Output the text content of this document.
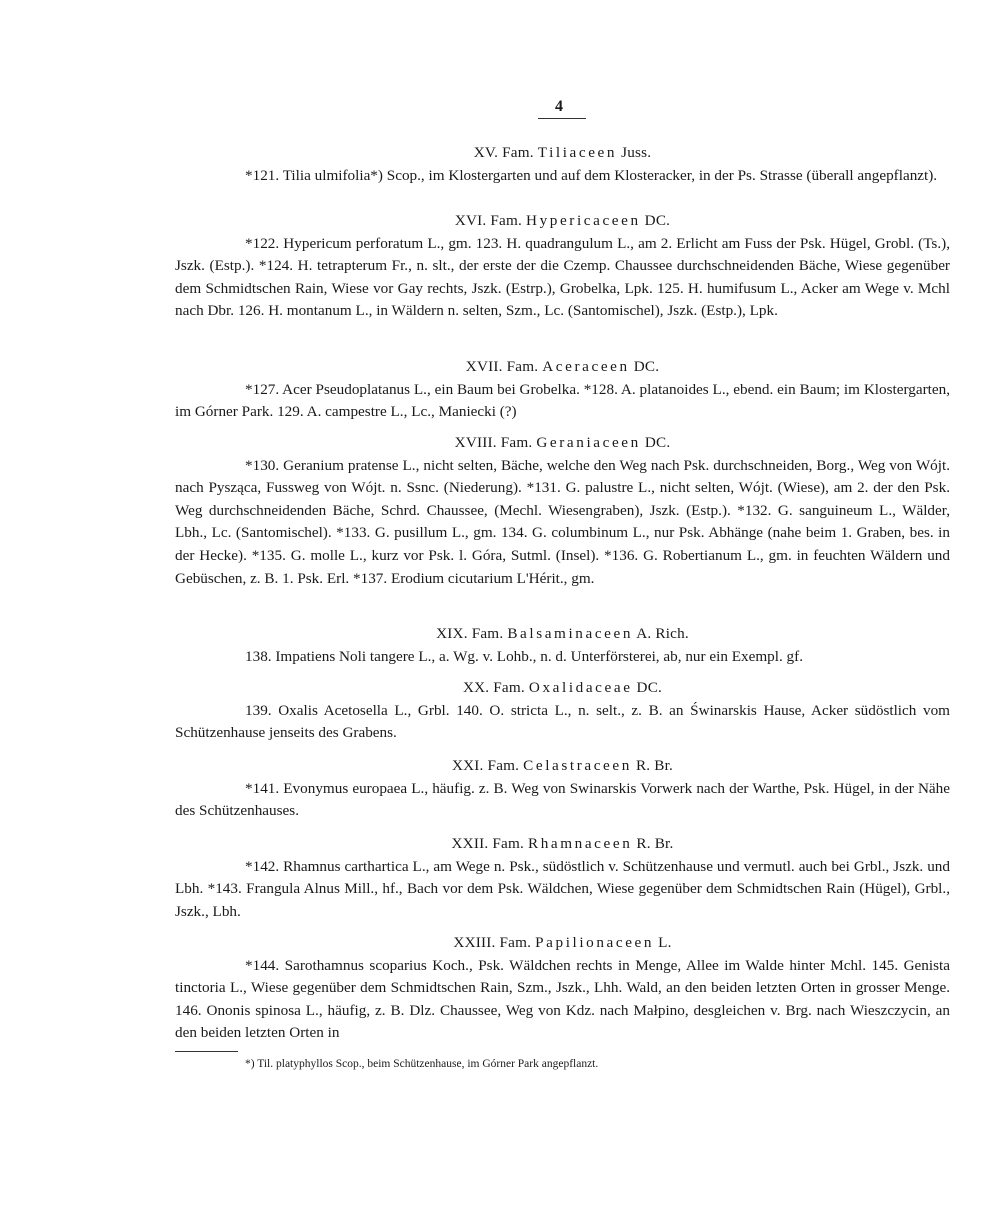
4

XV. Fam. Tiliaceen Juss.

*121. Tilia ulmifolia*) Scop., im Klostergarten und auf dem Klosteracker, in der Ps. Strasse (überall angepflanzt).

XVI. Fam. Hypericaceen DC.

*122. Hypericum perforatum L., gm. 123. H. quadrangulum L., am 2. Erlicht am Fuss der Psk. Hügel, Grobl. (Ts.), Jszk. (Estp.). *124. H. tetrapterum Fr., n. slt., der erste der die Czemp. Chaussee durchschneidenden Bäche, Wiese gegenüber dem Schmidtschen Rain, Wiese vor Gay rechts, Jszk. (Estrp.), Grobelka, Lpk. 125. H. humifusum L., Acker am Wege v. Mchl nach Dbr. 126. H. montanum L., in Wäldern n. selten, Szm., Lc. (Santomischel), Jszk. (Estp.), Lpk.

XVII. Fam. Aceraceen DC.

*127. Acer Pseudoplatanus L., ein Baum bei Grobelka. *128. A. platanoides L., ebend. ein Baum; im Klostergarten, im Górner Park. 129. A. campestre L., Lc., Maniecki (?)

XVIII. Fam. Geraniaceen DC.

*130. Geranium pratense L., nicht selten, Bäche, welche den Weg nach Psk. durchschneiden, Borg., Weg von Wójt. nach Pysząca, Fussweg von Wójt. n. Ssnc. (Niederung). *131. G. palustre L., nicht selten, Wójt. (Wiese), am 2. der den Psk. Weg durchschneidenden Bäche, Schrd. Chaussee, (Mechl. Wiesengraben), Jszk. (Estp.). *132. G. sanguineum L., Wälder, Lbh., Lc. (Santomischel). *133. G. pusillum L., gm. 134. G. columbinum L., nur Psk. Abhänge (nahe beim 1. Graben, bes. in der Hecke). *135. G. molle L., kurz vor Psk. l. Góra, Sutml. (Insel). *136. G. Robertianum L., gm. in feuchten Wäldern und Gebüschen, z. B. 1. Psk. Erl. *137. Erodium cicutarium L'Hérit., gm.

XIX. Fam. Balsaminaceen A. Rich.

138. Impatiens Noli tangere L., a. Wg. v. Lohb., n. d. Unterförsterei, ab, nur ein Exempl. gf.

XX. Fam. Oxalidaceae DC.

139. Oxalis Acetosella L., Grbl. 140. O. stricta L., n. selt., z. B. an Świnarskis Hause, Acker südöstlich vom Schützenhause jenseits des Grabens.

XXI. Fam. Celastraceen R. Br.

*141. Evonymus europaea L., häufig. z. B. Weg von Swinarskis Vorwerk nach der Warthe, Psk. Hügel, in der Nähe des Schützenhauses.

XXII. Fam. Rhamnaceen R. Br.

*142. Rhamnus carthartica L., am Wege n. Psk., südöstlich v. Schützenhause und vermutl. auch bei Grbl., Jszk. und Lbh. *143. Frangula Alnus Mill., hf., Bach vor dem Psk. Wäldchen, Wiese gegenüber dem Schmidtschen Rain (Hügel), Grbl., Jszk., Lbh.

XXIII. Fam. Papilionaceen L.

*144. Sarothamnus scoparius Koch., Psk. Wäldchen rechts in Menge, Allee im Walde hinter Mchl. 145. Genista tinctoria L., Wiese gegenüber dem Schmidtschen Rain, Szm., Jszk., Lhh. Wald, an den beiden letzten Orten in grosser Menge. 146. Ononis spinosa L., häufig, z. B. Dlz. Chaussee, Weg von Kdz. nach Małpino, desgleichen v. Brg. nach Wieszczycin, an den beiden letzten Orten in

*) Til. platyphyllos Scop., beim Schützenhause, im Górner Park angepflanzt.
